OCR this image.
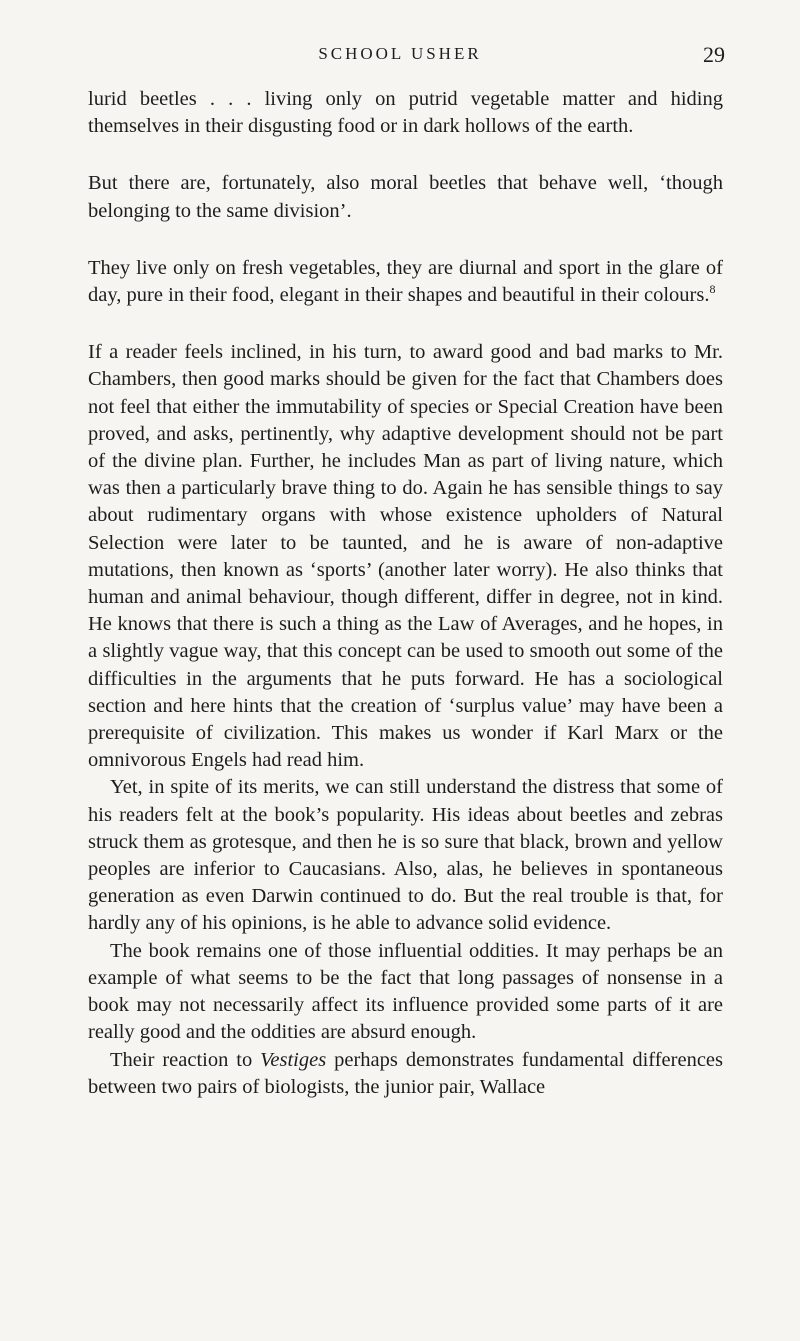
SCHOOL USHER	29

lurid beetles . . . living only on putrid vegetable matter and hiding themselves in their disgusting food or in dark hollows of the earth.

But there are, fortunately, also moral beetles that behave well, ‘though belonging to the same division’.

They live only on fresh vegetables, they are diurnal and sport in the glare of day, pure in their food, elegant in their shapes and beautiful in their colours.$^8$

If a reader feels inclined, in his turn, to award good and bad marks to Mr. Chambers, then good marks should be given for the fact that Chambers does not feel that either the immutability of species or Special Creation have been proved, and asks, pertinently, why adaptive development should not be part of the divine plan. Further, he includes Man as part of living nature, which was then a particularly brave thing to do. Again he has sensible things to say about rudimentary organs with whose existence upholders of Natural Selection were later to be taunted, and he is aware of non-adaptive mutations, then known as ‘sports’ (another later worry). He also thinks that human and animal behaviour, though different, differ in degree, not in kind. He knows that there is such a thing as the Law of Averages, and he hopes, in a slightly vague way, that this concept can be used to smooth out some of the difficulties in the arguments that he puts forward. He has a sociological section and here hints that the creation of ‘surplus value’ may have been a prerequisite of civilization. This makes us wonder if Karl Marx or the omnivorous Engels had read him.

Yet, in spite of its merits, we can still understand the distress that some of his readers felt at the book’s popularity. His ideas about beetles and zebras struck them as grotesque, and then he is so sure that black, brown and yellow peoples are inferior to Caucasians. Also, alas, he believes in spontaneous generation as even Darwin continued to do. But the real trouble is that, for hardly any of his opinions, is he able to advance solid evidence.

The book remains one of those influential oddities. It may perhaps be an example of what seems to be the fact that long passages of nonsense in a book may not necessarily affect its influence provided some parts of it are really good and the oddities are absurd enough.

Their reaction to Vestiges perhaps demonstrates fundamental differences between two pairs of biologists, the junior pair, Wallace
